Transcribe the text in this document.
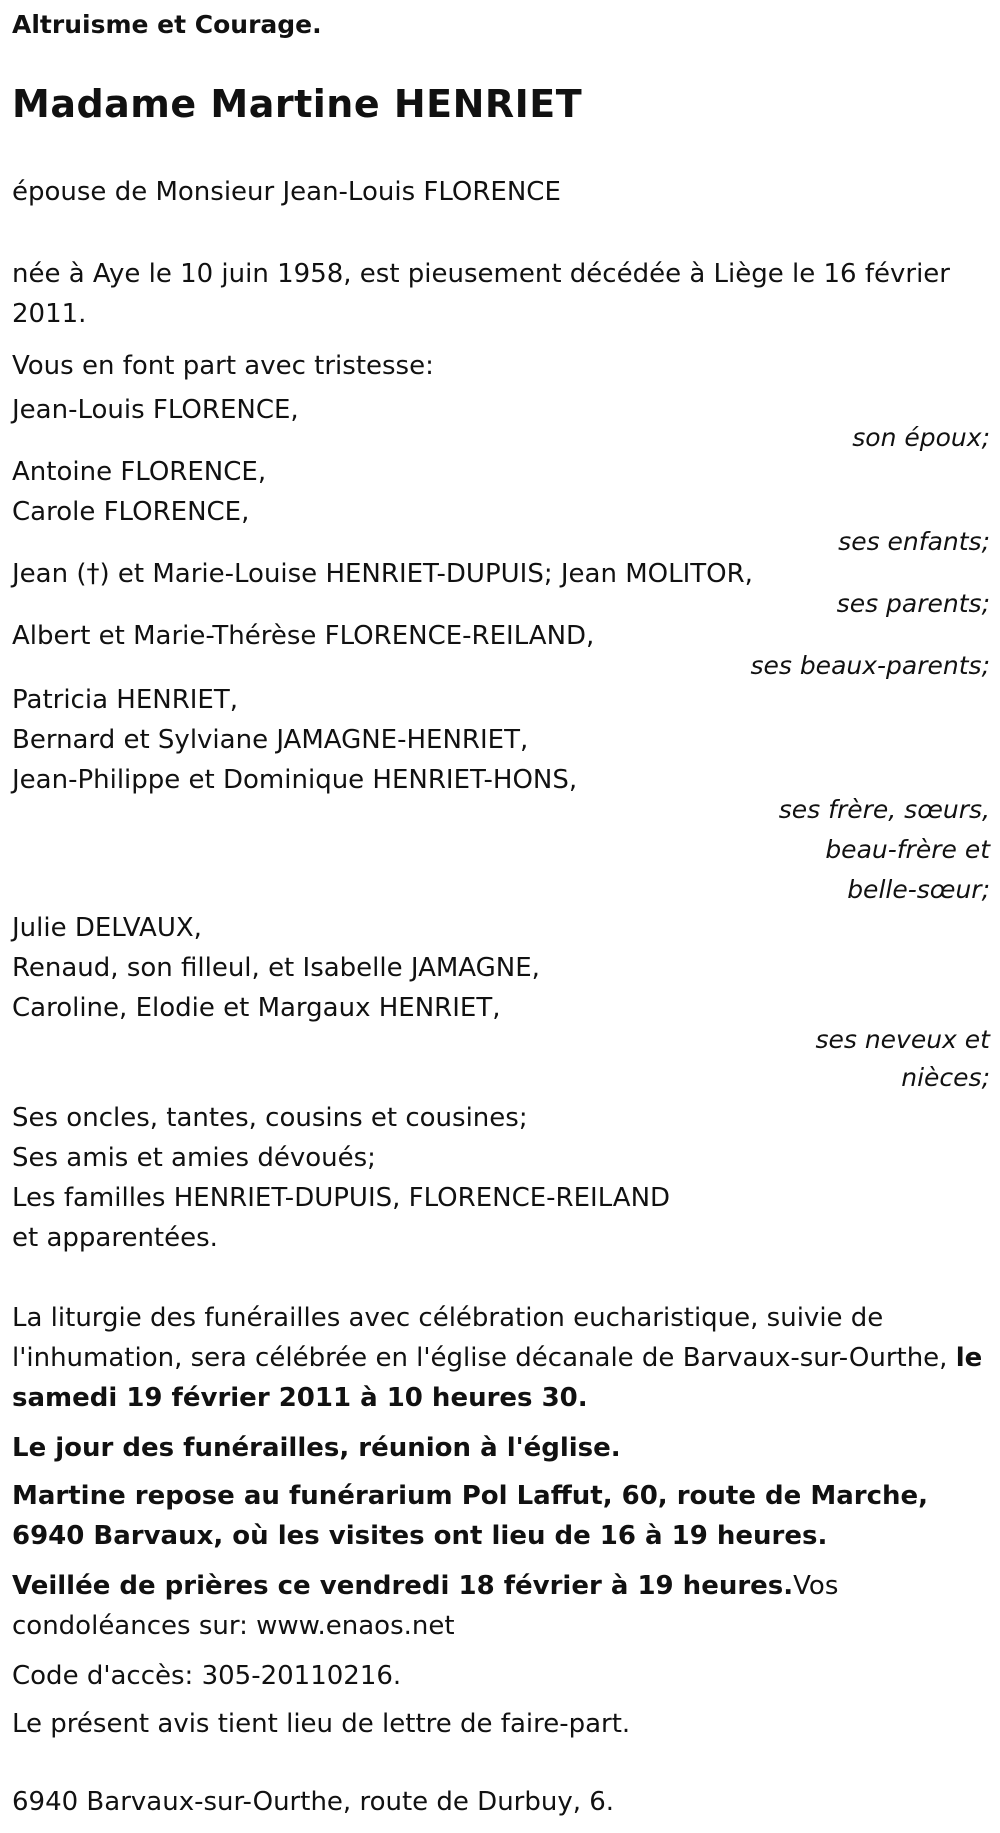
Altruisme et Courage.
Madame Martine HENRIET
épouse de Monsieur Jean-Louis FLORENCE
née à Aye le 10 juin 1958, est pieusement décédée à Liège le 16 février 2011.
Vous en font part avec tristesse:
Jean-Louis FLORENCE,
son époux;
Antoine FLORENCE,
Carole FLORENCE,
ses enfants;
Jean (†) et Marie-Louise HENRIET-DUPUIS; Jean MOLITOR,
ses parents;
Albert et Marie-Thérèse FLORENCE-REILAND,
ses beaux-parents;
Patricia HENRIET,
Bernard et Sylviane JAMAGNE-HENRIET,
Jean-Philippe et Dominique HENRIET-HONS,
ses frère, sœurs,
beau-frère et
belle-sœur;
Julie DELVAUX,
Renaud, son filleul, et Isabelle JAMAGNE,
Caroline, Elodie et Margaux HENRIET,
ses neveux et
nièces;
Ses oncles, tantes, cousins et cousines;
Ses amis et amies dévoués;
Les familles HENRIET-DUPUIS, FLORENCE-REILAND
et apparentées.
La liturgie des funérailles avec célébration eucharistique, suivie de l'inhumation, sera célébrée en l'église décanale de Barvaux-sur-Ourthe, le samedi 19 février 2011 à 10 heures 30.
Le jour des funérailles, réunion à l'église.
Martine repose au funérarium Pol Laffut, 60, route de Marche, 6940 Barvaux, où les visites ont lieu de 16 à 19 heures.
Veillée de prières ce vendredi 18 février à 19 heures.Vos condoléances sur: www.enaos.net
Code d'accès: 305-20110216.
Le présent avis tient lieu de lettre de faire-part.
6940 Barvaux-sur-Ourthe, route de Durbuy, 6.
